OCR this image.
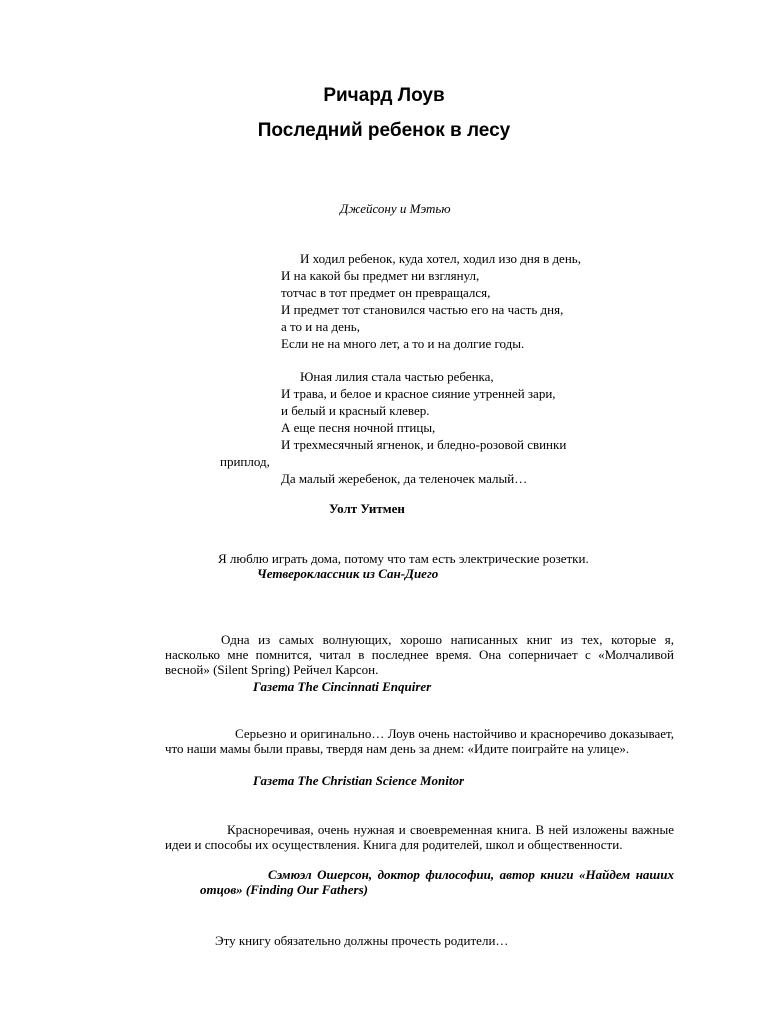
Ричард Лоув
Последний ребенок в лесу
Джейсону и Мэтью
И ходил ребенок, куда хотел, ходил изо дня в день,
И на какой бы предмет ни взглянул,
тотчас в тот предмет он превращался,
И предмет тот становился частью его на часть дня,
а то и на день,
Если не на много лет, а то и на долгие годы.
Юная лилия стала частью ребенка,
И трава, и белое и красное сияние утренней зари,
и белый и красный клевер.
А еще песня ночной птицы,
И трехмесячный ягненок, и бледно-розовой свинки
приплод,
Да малый жеребенок, да теленочек малый…
Уолт Уитмен
Я люблю играть дома, потому что там есть электрические розетки.
Четвероклассник из Сан-Диего
Одна из самых волнующих, хорошо написанных книг из тех, которые я, насколько мне помнится, читал в последнее время. Она соперничает с «Молчаливой весной» (Silent Spring) Рейчел Карсон.
Газета The Cincinnati Enquirer
Серьезно и оригинально… Лоув очень настойчиво и красноречиво доказывает, что наши мамы были правы, твердя нам день за днем: «Идите поиграйте на улице».
Газета The Christian Science Monitor
Красноречивая, очень нужная и своевременная книга. В ней изложены важные идеи и способы их осуществления. Книга для родителей, школ и общественности.
Сэмюэл Ошерсон, доктор философии, автор книги «Найдем наших отцов» (Finding Our Fathers)
Эту книгу обязательно должны прочесть родители…
